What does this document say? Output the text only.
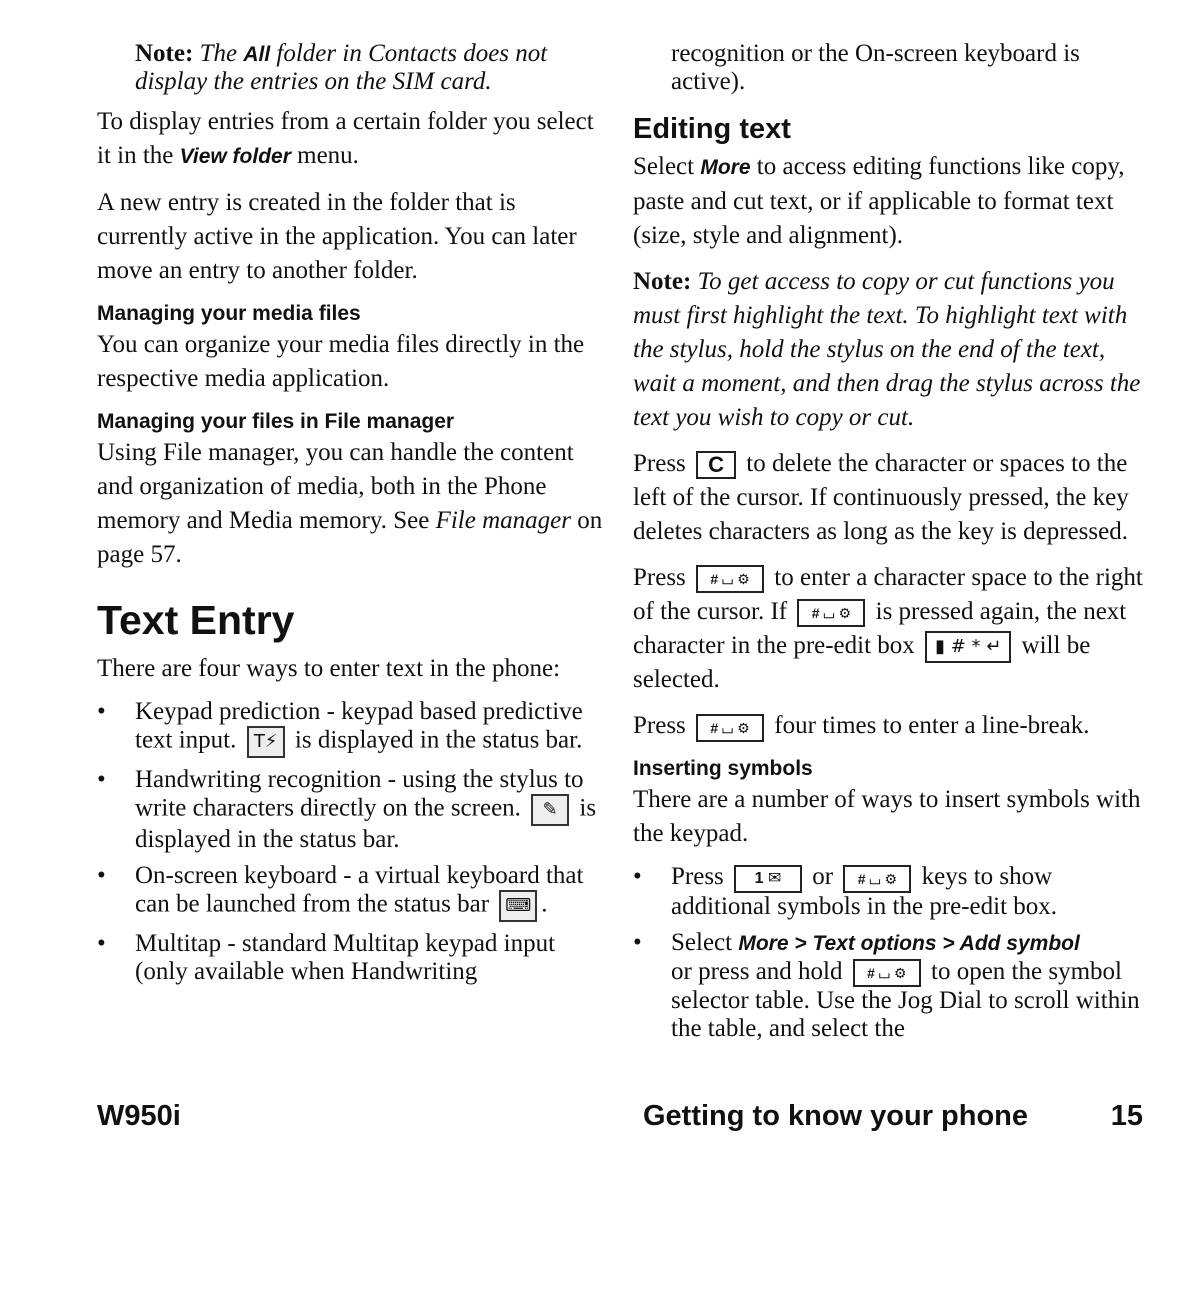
Note: The All folder in Contacts does not display the entries on the SIM card.

To display entries from a certain folder you select it in the View folder menu.

A new entry is created in the folder that is currently active in the application. You can later move an entry to another folder.

Managing your media files

You can organize your media files directly in the respective media application.

Managing your files in File manager

Using File manager, you can handle the content and organization of media, both in the Phone memory and Media memory. See File manager on page 57.

Text Entry

There are four ways to enter text in the phone:

• Keypad prediction - keypad based predictive text input. T⚡ is displayed in the status bar.
• Handwriting recognition - using the stylus to write characters directly on the screen. ✎ is displayed in the status bar.
• On-screen keyboard - a virtual keyboard that can be launched from the status bar ⌨ .
• Multitap - standard Multitap keypad input (only available when Handwriting

recognition or the On-screen keyboard is active).

Editing text

Select More to access editing functions like copy, paste and cut text, or if applicable to format text (size, style and alignment).

Note: To get access to copy or cut functions you must first highlight the text. To highlight text with the stylus, hold the stylus on the end of the text, wait a moment, and then drag the stylus across the text you wish to copy or cut.

Press C to delete the character or spaces to the left of the cursor. If continuously pressed, the key deletes characters as long as the key is depressed.

Press # ⌴ ⚙ to enter a character space to the right of the cursor. If # ⌴ ⚙ is pressed again, the next character in the pre-edit box ▮ # * ↵ will be selected.

Press # ⌴ ⚙ four times to enter a line-break.

Inserting symbols

There are a number of ways to insert symbols with the keypad.

• Press 1 ✉ or # ⌴ ⚙ keys to show additional symbols in the pre-edit box.
• Select More > Text options > Add symbol
or press and hold # ⌴ ⚙ to open the symbol selector table. Use the Jog Dial to scroll within the table, and select the
W950i	Getting to know your phone	15
